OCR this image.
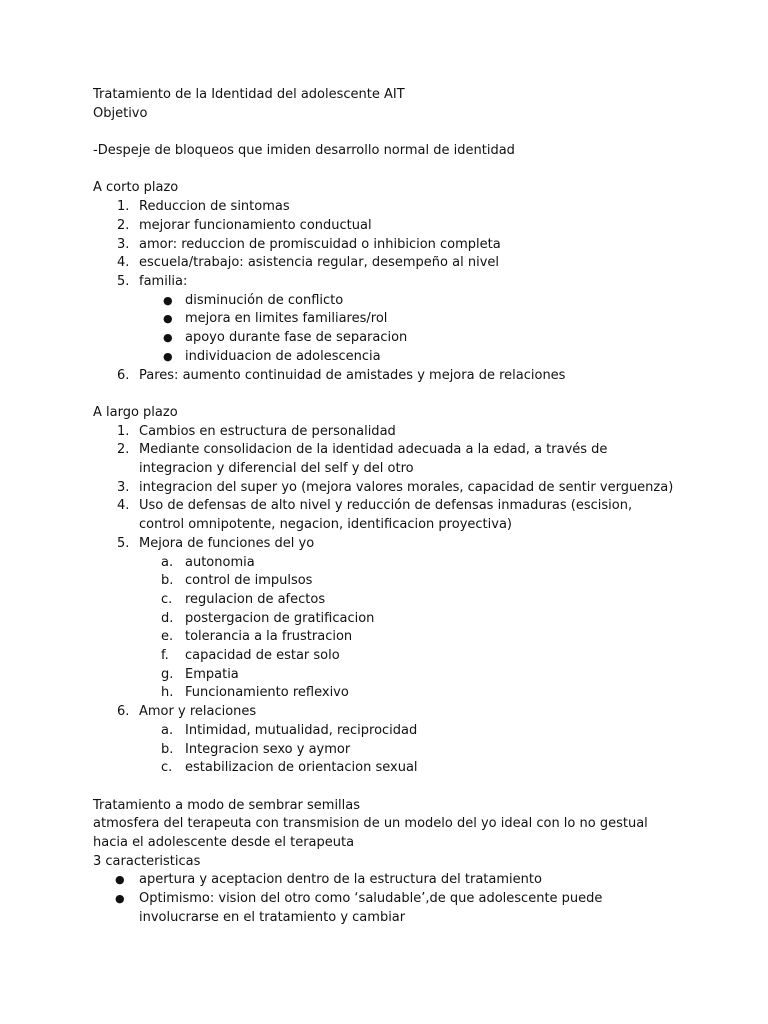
Tratamiento de la Identidad del adolescente AIT

Objetivo

-Despeje de bloqueos que imiden desarrollo normal de identidad

A corto plazo

1. Reduccion de sintomas
2. mejorar funcionamiento conductual
3. amor: reduccion de promiscuidad o inhibicion completa
4. escuela/trabajo: asistencia regular, desempeño al nivel
5. familia:
● disminución de conflicto
● mejora en limites familiares/rol
● apoyo durante fase de separacion
● individuacion de adolescencia
6. Pares: aumento continuidad de amistades y mejora de relaciones

A largo plazo

1. Cambios en estructura de personalidad
2. Mediante consolidacion de la identidad adecuada a la edad, a través de integracion y diferencial del self y del otro
3. integracion del super yo (mejora valores morales, capacidad de sentir verguenza)
4. Uso de defensas de alto nivel y reducción de defensas inmaduras (escision, control omnipotente, negacion, identificacion proyectiva)
5. Mejora de funciones del yo
a. autonomia
b. control de impulsos
c. regulacion de afectos
d. postergacion de gratificacion
e. tolerancia a la frustracion
f. capacidad de estar solo
g. Empatia
h. Funcionamiento reflexivo
6. Amor y relaciones
a. Intimidad, mutualidad, reciprocidad
b. Integracion sexo y aymor
c. estabilizacion de orientacion sexual

Tratamiento a modo de sembrar semillas

atmosfera del terapeuta con transmision de un modelo del yo ideal con lo no gestual hacia el adolescente desde el terapeuta

3 caracteristicas

● apertura y aceptacion dentro de la estructura del tratamiento
● Optimismo: vision del otro como ‘saludable’,de que adolescente puede involucrarse en el tratamiento y cambiar
